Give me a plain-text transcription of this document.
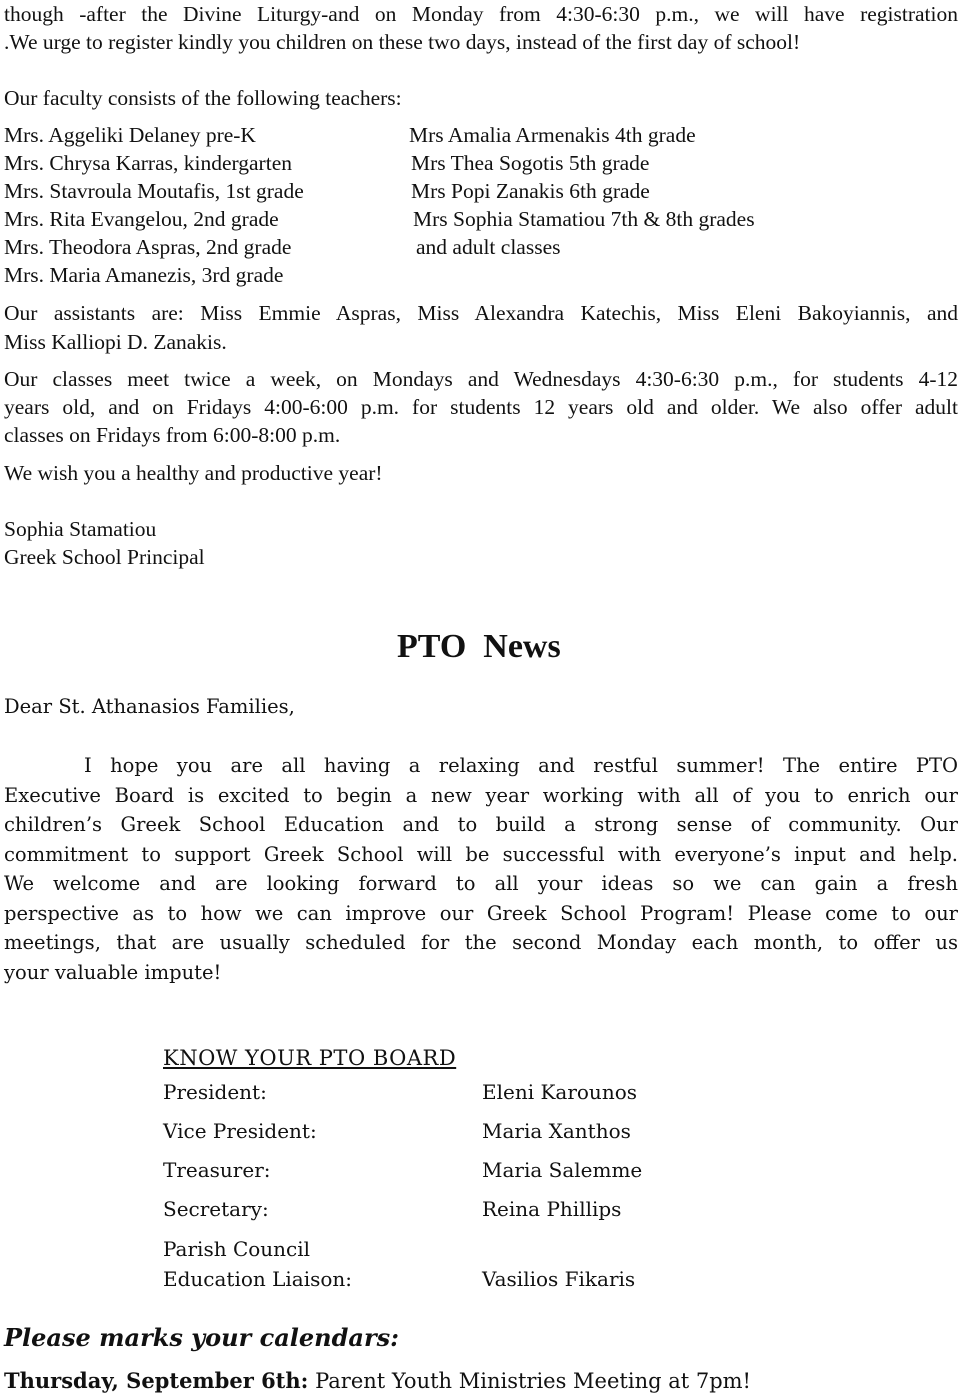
though -after the Divine Liturgy-and on Monday from 4:30-6:30 p.m., we will have registration
.We urge to register kindly you children on these two days, instead of the first day of school!
Our faculty consists of the following teachers:
Mrs. Aggeliki Delaney pre-K
Mrs. Chrysa Karras, kindergarten
Mrs. Stavroula Moutafis, 1st grade
Mrs. Rita Evangelou, 2nd grade
Mrs. Theodora Aspras, 2nd grade
Mrs. Maria Amanezis, 3rd grade
Mrs Amalia Armenakis 4th grade
Mrs Thea Sogotis 5th grade
Mrs Popi Zanakis 6th grade
Mrs Sophia Stamatiou 7th & 8th grades
and adult classes
Our assistants are: Miss Emmie Aspras, Miss Alexandra Katechis, Miss Eleni Bakoyiannis, and
Miss Kalliopi D. Zanakis.
Our classes meet twice a week, on Mondays and Wednesdays 4:30-6:30 p.m., for students 4-12
years old, and on Fridays 4:00-6:00 p.m. for students 12 years old and older. We also offer adult
classes on Fridays from 6:00-8:00 p.m.
We wish you a healthy and productive year!
Sophia Stamatiou
Greek School Principal
PTO  News
Dear St. Athanasios Families,
I hope you are all having a relaxing and restful summer! The entire PTO
Executive Board is excited to begin a new year working with all of you to enrich our
children’s Greek School Education and to build a strong sense of community. Our
commitment to support Greek School will be successful with everyone’s input and help.
We welcome and are looking forward to all your ideas so we can gain a fresh
perspective as to how we can improve our Greek School Program! Please come to our
meetings, that are usually scheduled for the second Monday each month, to offer us
your valuable impute!
KNOW YOUR PTO BOARD
President:	Eleni Karounos
Vice President:	Maria Xanthos
Treasurer:	Maria Salemme
Secretary:	Reina Phillips
Parish Council
Education Liaison:	Vasilios Fikaris
Please marks your calendars:
Thursday, September 6th: Parent Youth Ministries Meeting at 7pm!
